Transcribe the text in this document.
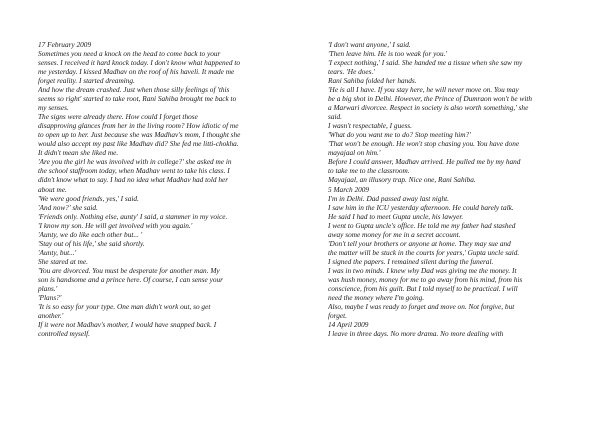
17 February 2009
Sometimes you need a knock on the head to come back to your
senses. I received it hard knock today. I don't know what happened to
me yesterday. I kissed Madhav on the roof of his haveli. It made me
forget reality. I started dreaming.
And how the dream crashed. Just when those silly feelings of 'this
seems so right' started to take root, Rani Sahiba brought me back to
my senses.
The signs were already there. How could I forget those
disapproving glances from her in the living room? How idiotic of me
to open up to her. Just because she was Madhav's mom, I thought she
would also accept my past like Madhav did? She fed me litti-chokha.
It didn't mean she liked me.
'Are you the girl he was involved with in college?' she asked me in
the school staffroom today, when Madhav went to take his class. I
didn't know what to say. I had no idea what Madhav had told her
about me.
'We were good friends, yes,' I said.
'And now?' she said.
'Friends only. Nothing else, aunty' I said, a stammer in my voice.
'I know my son. He will get involved with you again.'
'Aunty, we do like each other but... '
'Stay out of his life,' she said shortly.
'Aunty, but...'
She stared at me.
'You are divorced. You must be desperate for another man. My
son is handsome and a prince here. Of course, I can sense your
plans.'
'Plans?'
'It is so easy for your type. One man didn't work out, so get
another.'
If it were not Madhav's mother, I would have snapped back. I
controlled myself.
'I don't want anyone,' I said.
'Then leave him. He is too weak for you.'
'I expect nothing,' I said. She handed me a tissue when she saw my
tears. 'He does.'
Rani Sahiba folded her hands.
'He is all I have. If you stay here, he will never move on. You may
be a big shot in Delhi. However, the Prince of Dumraon won't be with
a Marwari divorcee. Respect in society is also worth something,' she
said.
I wasn't respectable, I guess.
'What do you want me to do? Stop meeting him?'
'That won't be enough. He won't stop chasing you. You have done
mayajaal on him.'
Before I could answer, Madhav arrived. He pulled me by my hand
to take me to the classroom.
Mayajaal, an illusory trap. Nice one, Rani Sahiba.
5 March 2009
I'm in Delhi. Dad passed away last night.
I saw him in the ICU yesterday afternoon. He could barely talk.
He said I had to meet Gupta uncle, his lawyer.
I went to Gupta uncle's office. He told me my father had stashed
away some money for me in a secret account.
'Don't tell your brothers or anyone at home. They may sue and
the matter will be stuck in the courts for years,' Gupta uncle said.
I signed the papers. I remained silent during the funeral.
I was in two minds. I knew why Dad was giving me the money. It
was hush money, money for me to go away from his mind, from his
conscience, from his guilt. But I told myself to be practical. I will
need the money where I'm going.
Also, maybe I was ready to forget and move on. Not forgive, but
forget.
14 April 2009
I leave in three days. No more drama. No more dealing with
